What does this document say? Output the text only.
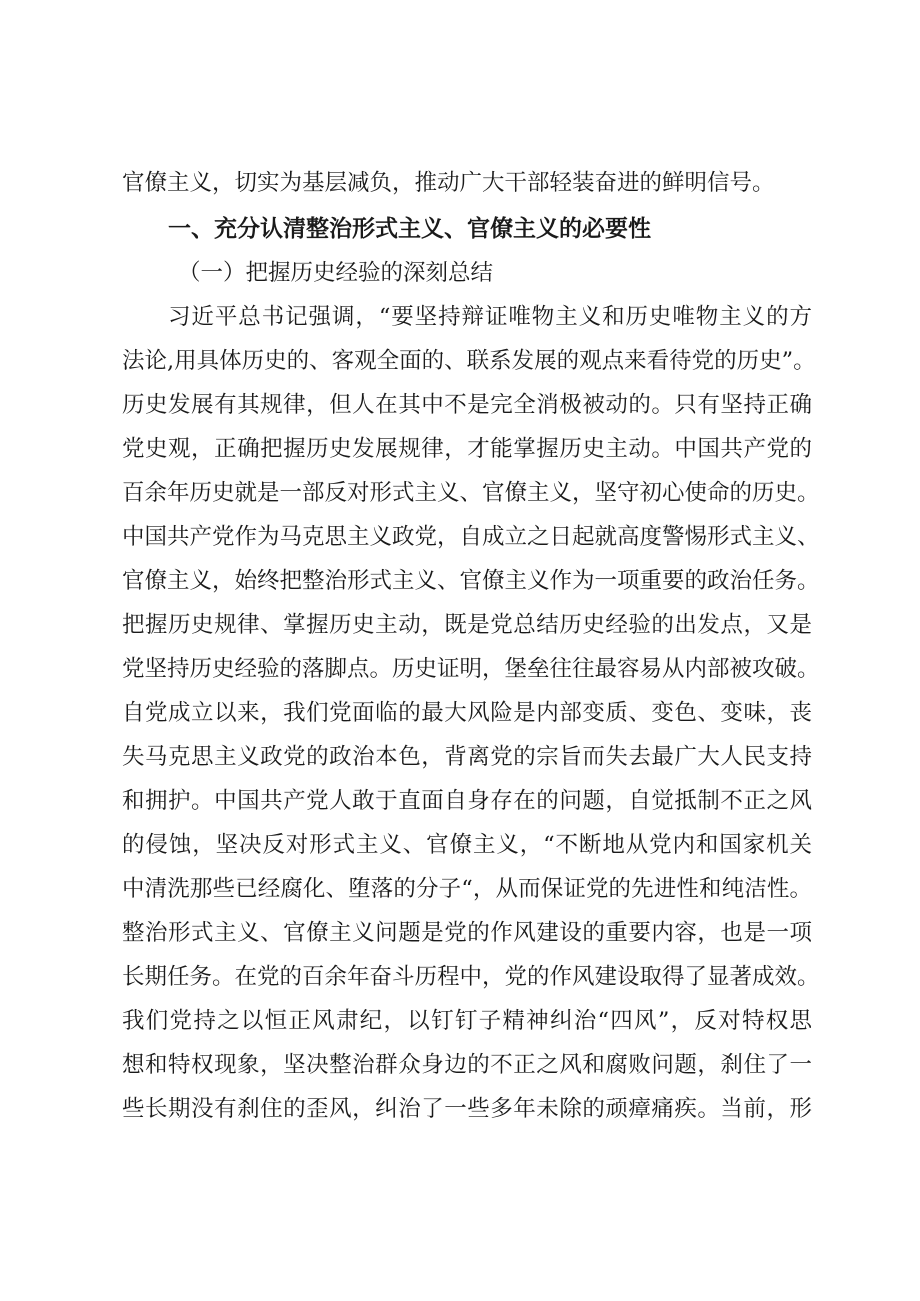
官僚主义，切实为基层减负，推动广大干部轻装奋进的鲜明信号。
一、充分认清整治形式主义、官僚主义的必要性
（一）把握历史经验的深刻总结
习近平总书记强调，“要坚持辩证唯物主义和历史唯物主义的方
法论,用具体历史的、客观全面的、联系发展的观点来看待党的历史”。
历史发展有其规律，但人在其中不是完全消极被动的。只有坚持正确
党史观，正确把握历史发展规律，才能掌握历史主动。中国共产党的
百余年历史就是一部反对形式主义、官僚主义，坚守初心使命的历史。
中国共产党作为马克思主义政党，自成立之日起就高度警惕形式主义、
官僚主义，始终把整治形式主义、官僚主义作为一项重要的政治任务。
把握历史规律、掌握历史主动，既是党总结历史经验的出发点，又是
党坚持历史经验的落脚点。历史证明，堡垒往往最容易从内部被攻破。
自党成立以来，我们党面临的最大风险是内部变质、变色、变味，丧
失马克思主义政党的政治本色，背离党的宗旨而失去最广大人民支持
和拥护。中国共产党人敢于直面自身存在的问题，自觉抵制不正之风
的侵蚀，坚决反对形式主义、官僚主义，“不断地从党内和国家机关
中清洗那些已经腐化、堕落的分子“，从而保证党的先进性和纯洁性。
整治形式主义、官僚主义问题是党的作风建设的重要内容，也是一项
长期任务。在党的百余年奋斗历程中，党的作风建设取得了显著成效。
我们党持之以恒正风肃纪，以钉钉子精神纠治“四风”，反对特权思
想和特权现象，坚决整治群众身边的不正之风和腐败问题，刹住了一
些长期没有刹住的歪风，纠治了一些多年未除的顽瘴痛疾。当前，形
